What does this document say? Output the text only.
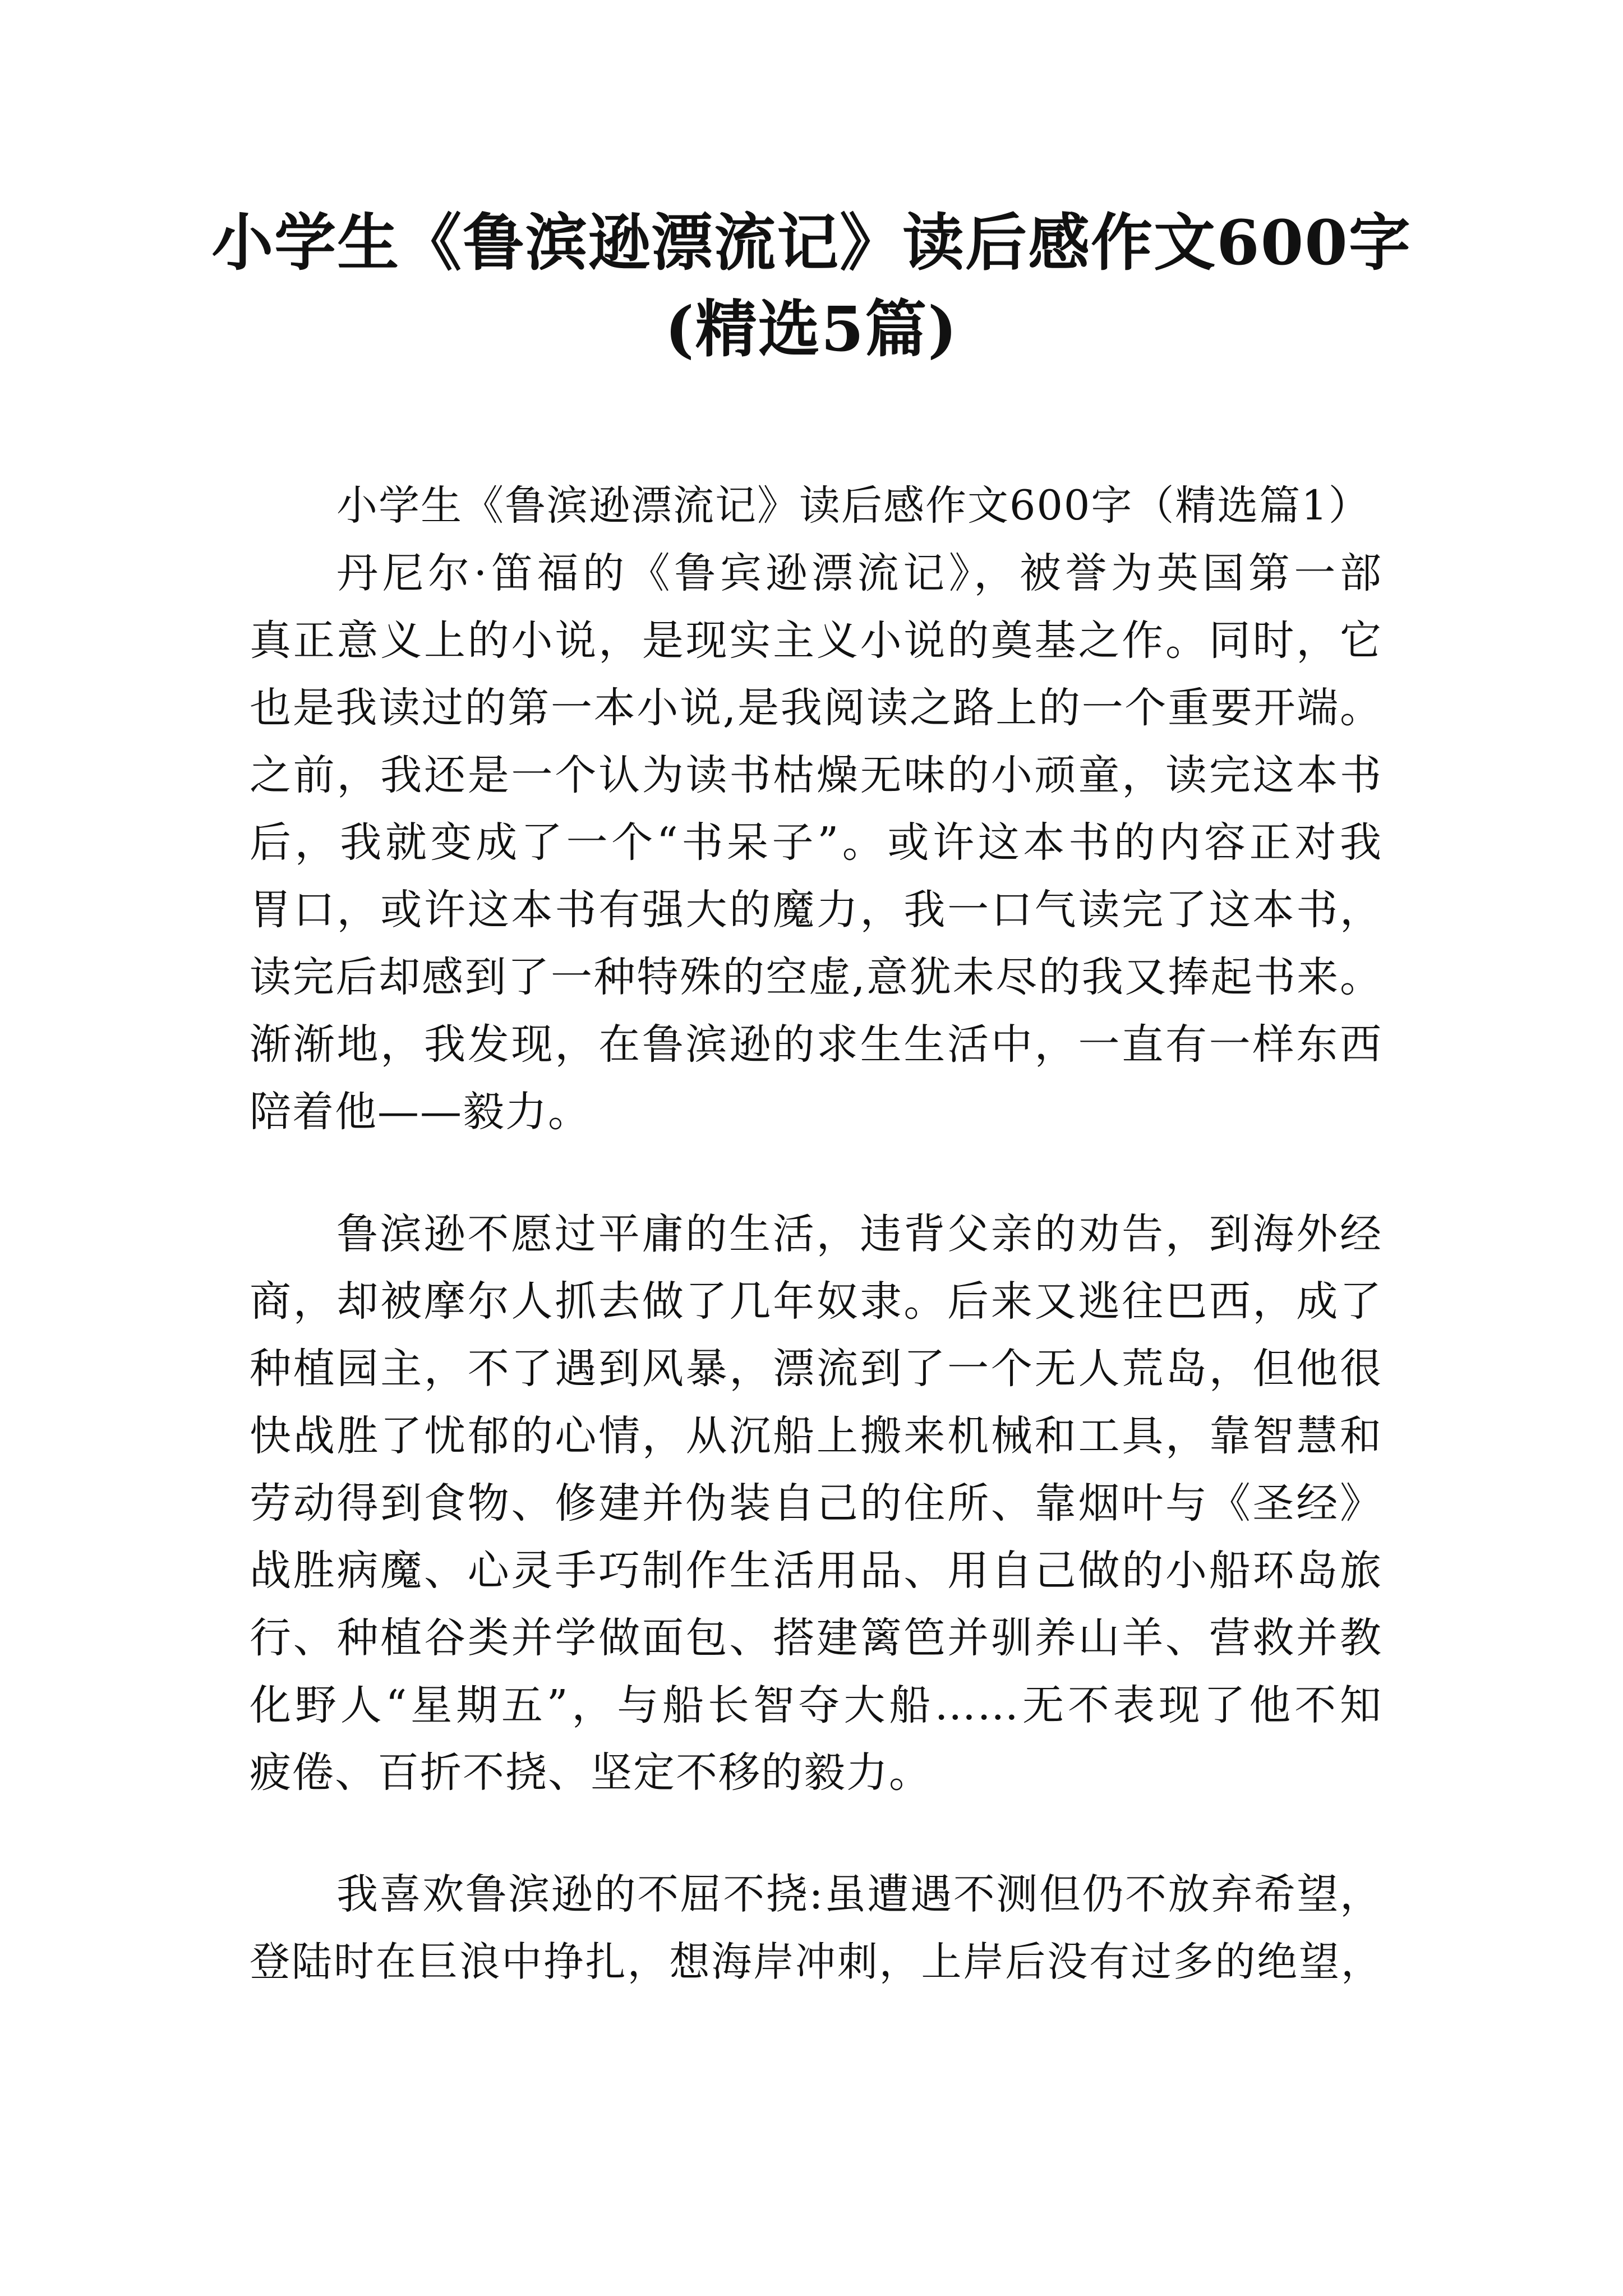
小学生《鲁滨逊漂流记》读后感作文600字
(精选5篇)
小学生《鲁滨逊漂流记》读后感作文600字（精选篇1）
丹尼尔·笛福的《鲁宾逊漂流记》，被誉为英国第一部
真正意义上的小说，是现实主义小说的奠基之作。同时，它
也是我读过的第一本小说,是我阅读之路上的一个重要开端。
之前，我还是一个认为读书枯燥无味的小顽童，读完这本书
后，我就变成了一个“书呆子”。或许这本书的内容正对我
胃口，或许这本书有强大的魔力，我一口气读完了这本书，
读完后却感到了一种特殊的空虚,意犹未尽的我又捧起书来。
渐渐地，我发现，在鲁滨逊的求生生活中，一直有一样东西
陪着他——毅力。
鲁滨逊不愿过平庸的生活，违背父亲的劝告，到海外经
商，却被摩尔人抓去做了几年奴隶。后来又逃往巴西，成了
种植园主，不了遇到风暴，漂流到了一个无人荒岛，但他很
快战胜了忧郁的心情，从沉船上搬来机械和工具，靠智慧和
劳动得到食物、修建并伪装自己的住所、靠烟叶与《圣经》
战胜病魔、心灵手巧制作生活用品、用自己做的小船环岛旅
行、种植谷类并学做面包、搭建篱笆并驯养山羊、营救并教
化野人“星期五”，与船长智夺大船……无不表现了他不知
疲倦、百折不挠、坚定不移的毅力。
我喜欢鲁滨逊的不屈不挠:虽遭遇不测但仍不放弃希望，
登陆时在巨浪中挣扎，想海岸冲刺，上岸后没有过多的绝望，
